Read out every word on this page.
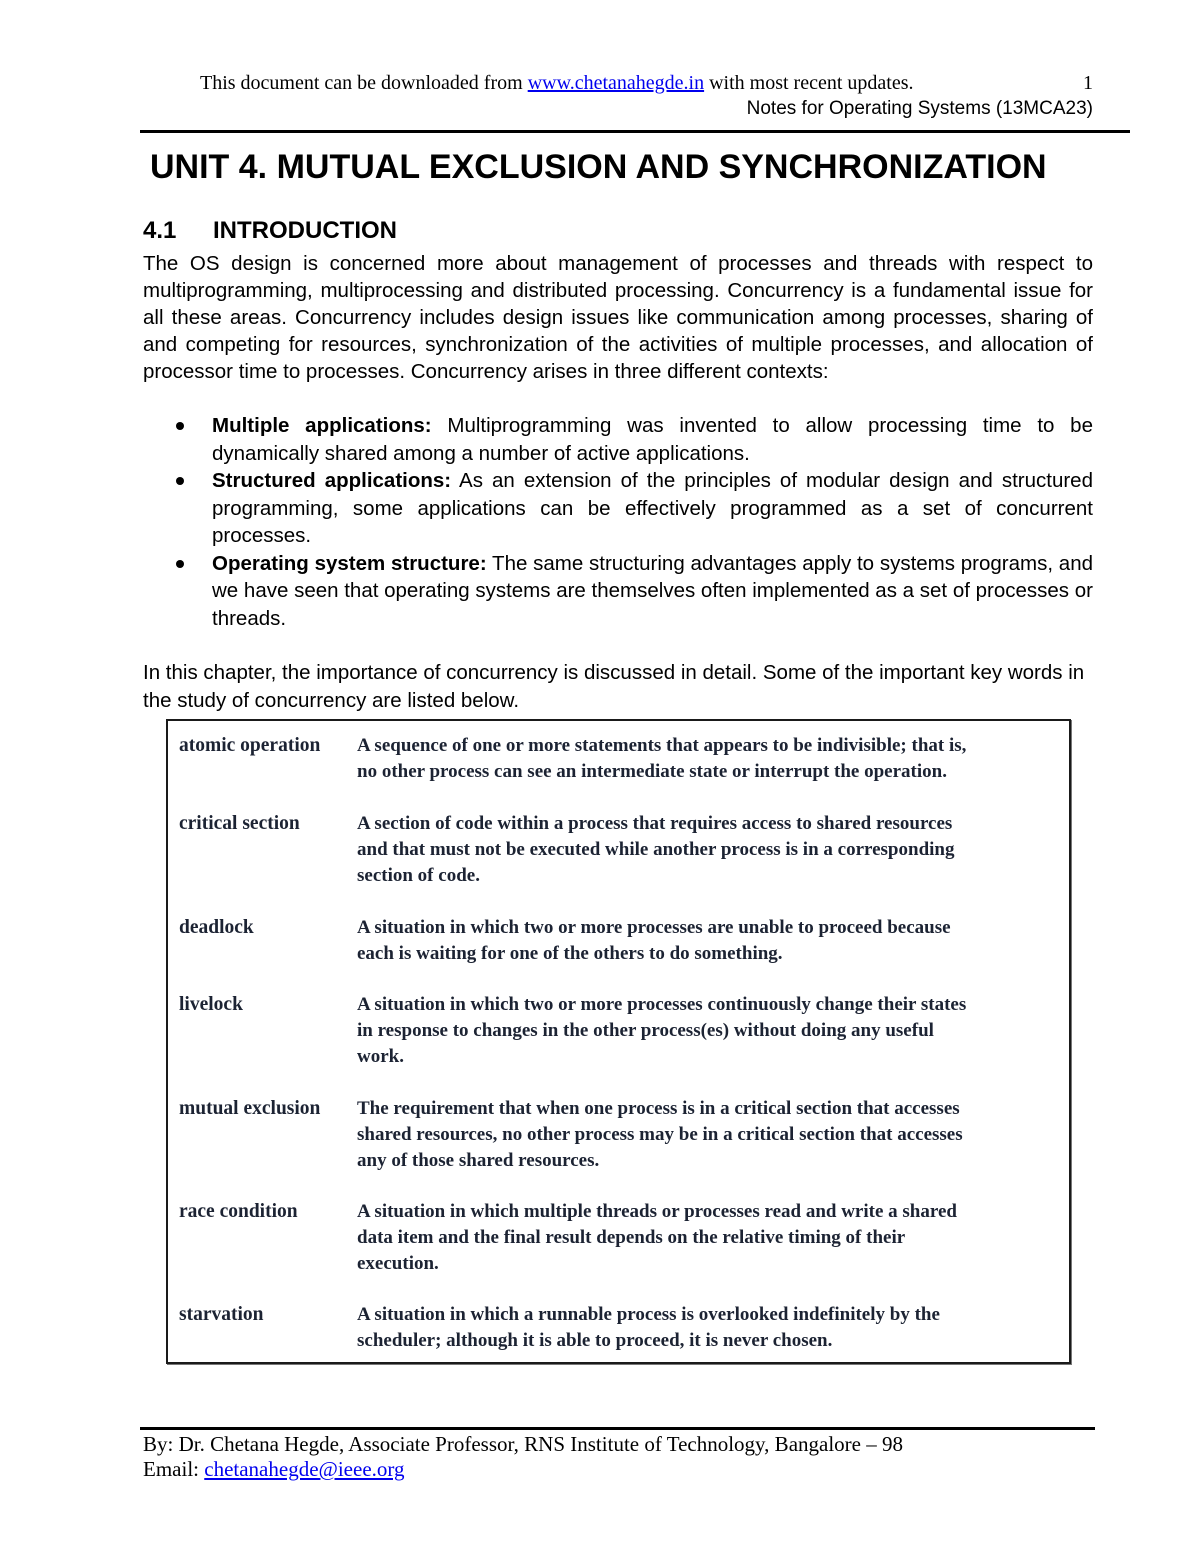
This document can be downloaded from www.chetanahegde.in with most recent updates.	1
Notes for Operating Systems (13MCA23)
UNIT 4. MUTUAL EXCLUSION AND SYNCHRONIZATION
4.1 INTRODUCTION
The OS design is concerned more about management of processes and threads with respect to multiprogramming, multiprocessing and distributed processing. Concurrency is a fundamental issue for all these areas. Concurrency includes design issues like communication among processes, sharing of and competing for resources, synchronization of the activities of multiple processes, and allocation of processor time to processes. Concurrency arises in three different contexts:
Multiple applications: Multiprogramming was invented to allow processing time to be dynamically shared among a number of active applications.
Structured applications: As an extension of the principles of modular design and structured programming, some applications can be effectively programmed as a set of concurrent processes.
Operating system structure: The same structuring advantages apply to systems programs, and we have seen that operating systems are themselves often implemented as a set of processes or threads.
In this chapter, the importance of concurrency is discussed in detail. Some of the important key words in the study of concurrency are listed below.
atomic operation	A sequence of one or more statements that appears to be indivisible; that is,
no other process can see an intermediate state or interrupt the operation.
critical section	A section of code within a process that requires access to shared resources
and that must not be executed while another process is in a corresponding
section of code.
deadlock	A situation in which two or more processes are unable to proceed because
each is waiting for one of the others to do something.
livelock	A situation in which two or more processes continuously change their states
in response to changes in the other process(es) without doing any useful
work.
mutual exclusion	The requirement that when one process is in a critical section that accesses
shared resources, no other process may be in a critical section that accesses
any of those shared resources.
race condition	A situation in which multiple threads or processes read and write a shared
data item and the final result depends on the relative timing of their
execution.
starvation	A situation in which a runnable process is overlooked indefinitely by the
scheduler; although it is able to proceed, it is never chosen.
By: Dr. Chetana Hegde, Associate Professor, RNS Institute of Technology, Bangalore – 98
Email: chetanahegde@ieee.org
